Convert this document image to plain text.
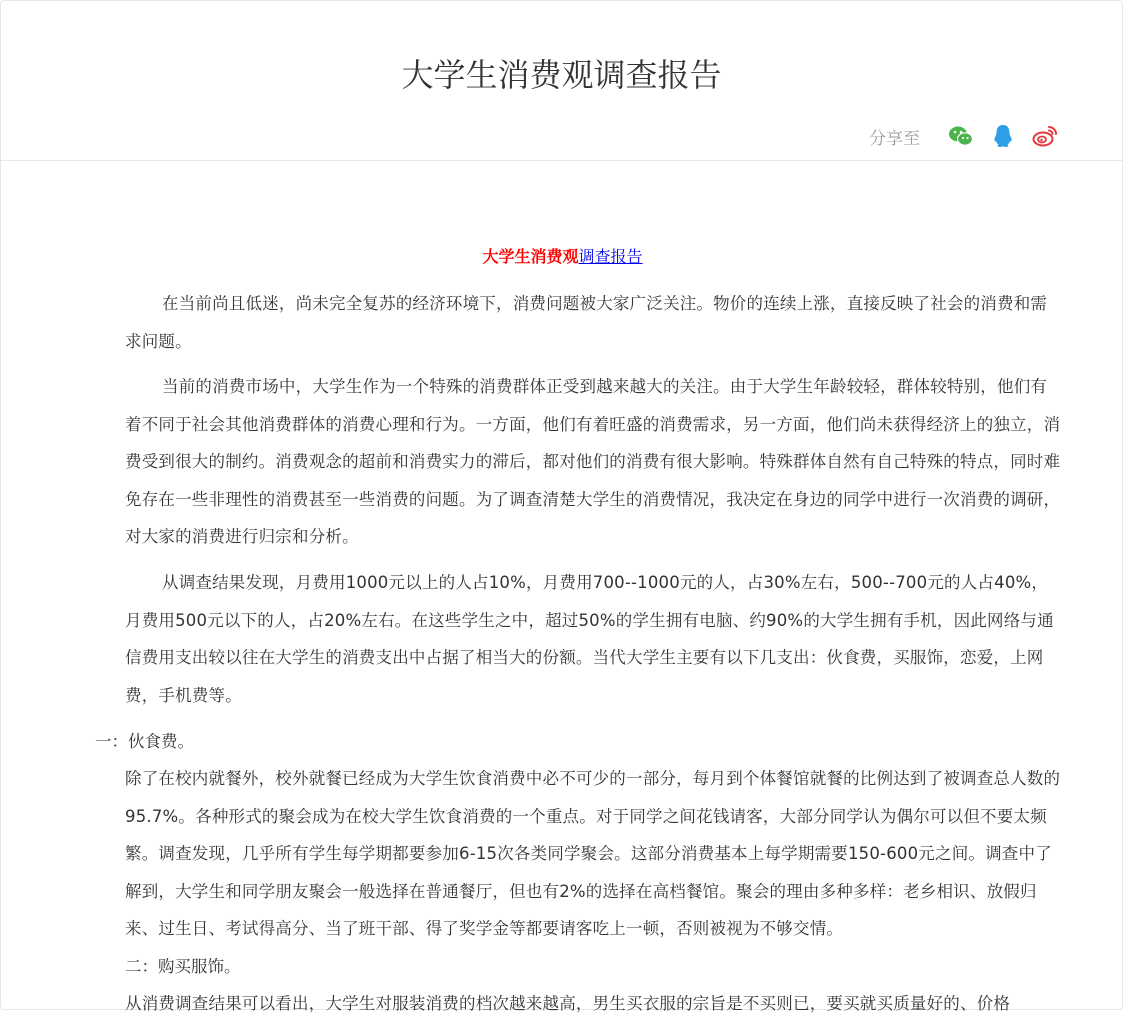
大学生消费观调查报告
分享至
大学生消费观调查报告

在当前尚且低迷，尚未完全复苏的经济环境下，消费问题被大家广泛关注。物价的连续上涨，直接反映了社会的消费和需求问题。

当前的消费市场中，大学生作为一个特殊的消费群体正受到越来越大的关注。由于大学生年龄较轻，群体较特别，他们有着不同于社会其他消费群体的消费心理和行为。一方面，他们有着旺盛的消费需求，另一方面，他们尚未获得经济上的独立，消费受到很大的制约。消费观念的超前和消费实力的滞后，都对他们的消费有很大影响。特殊群体自然有自己特殊的特点，同时难免存在一些非理性的消费甚至一些消费的问题。为了调查清楚大学生的消费情况，我决定在身边的同学中进行一次消费的调研，对大家的消费进行归宗和分析。

从调查结果发现，月费用1000元以上的人占10%，月费用700--1000元的人，占30%左右，500--700元的人占40%，月费用500元以下的人，占20%左右。在这些学生之中，超过50%的学生拥有电脑、约90%的大学生拥有手机，因此网络与通信费用支出较以往在大学生的消费支出中占据了相当大的份额。当代大学生主要有以下几支出：伙食费，买服饰，恋爱，上网费，手机费等。

一：伙食费。

除了在校内就餐外，校外就餐已经成为大学生饮食消费中必不可少的一部分，每月到个体餐馆就餐的比例达到了被调查总人数的95.7%。各种形式的聚会成为在校大学生饮食消费的一个重点。对于同学之间花钱请客，大部分同学认为偶尔可以但不要太频繁。调查发现，几乎所有学生每学期都要参加6-15次各类同学聚会。这部分消费基本上每学期需要150-600元之间。调查中了解到，大学生和同学朋友聚会一般选择在普通餐厅，但也有2%的选择在高档餐馆。聚会的理由多种多样：老乡相识、放假归来、过生日、考试得高分、当了班干部、得了奖学金等都要请客吃上一顿，否则被视为不够交情。

二：购买服饰。

从消费调查结果可以看出，大学生对服装消费的档次越来越高，男生买衣服的宗旨是不买则已，要买就买质量好的、价格
